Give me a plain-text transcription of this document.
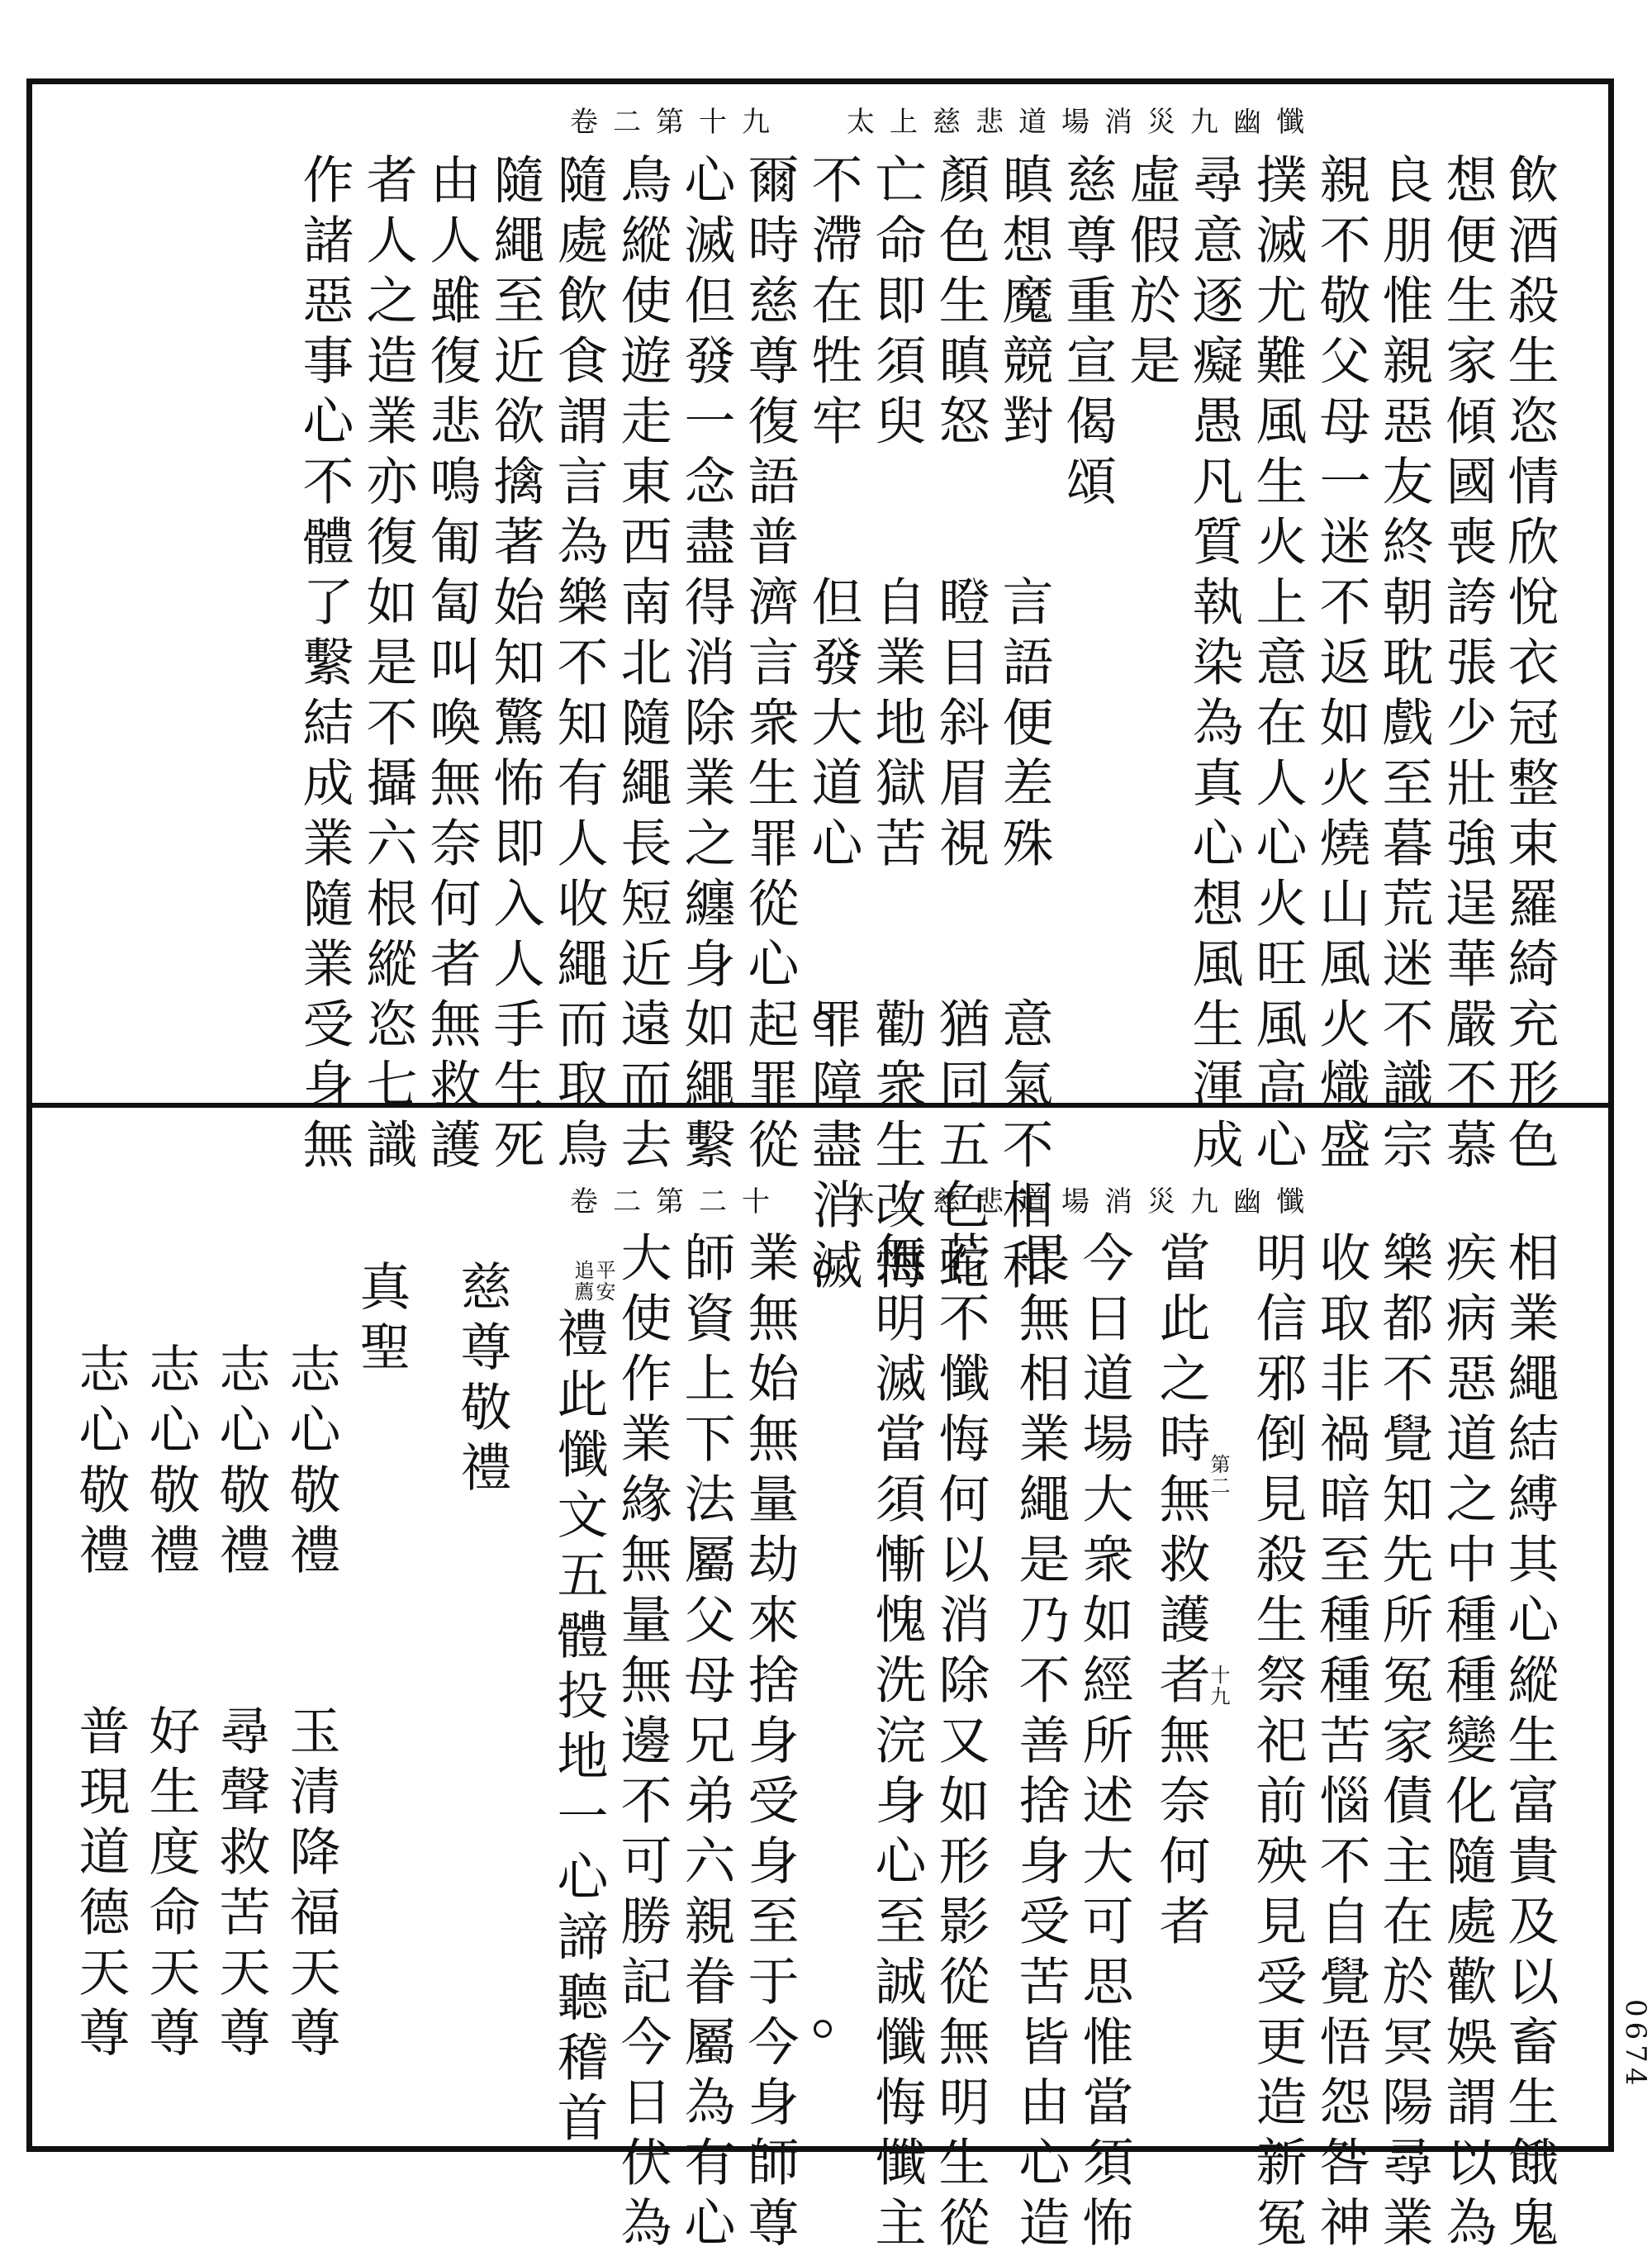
太上慈悲道場消災九幽懺
卷二第十九
飲酒殺生恣情欣悅衣冠整束羅綺充形色
想便生家傾國喪誇張少壯強逞華嚴不慕
良朋惟親惡友終朝耽戲至暮荒迷不識宗
親不敬父母一迷不返如火燒山風火熾盛
撲滅尤難風生火上意在人心火旺風高心
尋意逐癡愚凡質執染為真心想風生渾成
虛假於是
慈尊重宣偈頌
瞋想魔競對　　言語便差殊　　意氣不相和
顏色生瞋怒　　瞪目斜眉視　　猶同五色蛇
亡命即須臾　　自業地獄苦　　勸衆生改悔
不滯在牲牢　　但發大道心　　罪障盡消滅
爾時慈尊復語普濟言衆生罪從心起罪從
心滅但發一念盡得消除業之纏身如繩繫
鳥縱使遊走東西南北隨繩長短近遠而去
隨處飲食謂言為樂不知有人收繩而取鳥
隨繩至近欲擒著始知驚怖即入人手生死
由人雖復悲鳴匍匐叫喚無奈何者無救護
者人之造業亦復如是不攝六根縱恣七識
作諸惡事心不體了繫結成業隨業受身無
太上慈悲道場消災九幽懺
卷二第二十
相業繩結縛其心縱生富貴及以畜生餓鬼
疾病惡道之中種種變化隨處歡娛謂以為
樂都不覺知先所冤家債主在於冥陽尋業
收取非禍暗至種種苦惱不自覺悟怨咎神
明信邪倒見殺生祭祀前殃見受更造新冤
當此之時無救護者無奈何者
今日道場大衆如經所述大可思惟當須怖
畏無相業繩是乃不善捨身受苦皆由心造
若不懺悔何以消除又如形影從無明生從
無明滅當須慚愧洗浣身心至誠懺悔懺主
業無始無量劫來捨身受身至于今身師尊
師資上下法屬父母兄弟六親眷屬為有心
大使作業緣無量無邊不可勝記今日伏為
禮此懺文五體投地一心諦聽稽首
慈尊敬禮
真聖
志心敬禮　　玉清降福天尊
志心敬禮　　尋聲救苦天尊
志心敬禮　　好生度命天尊
志心敬禮　　普現道德天尊	第二
十九
平安
追薦
0674
